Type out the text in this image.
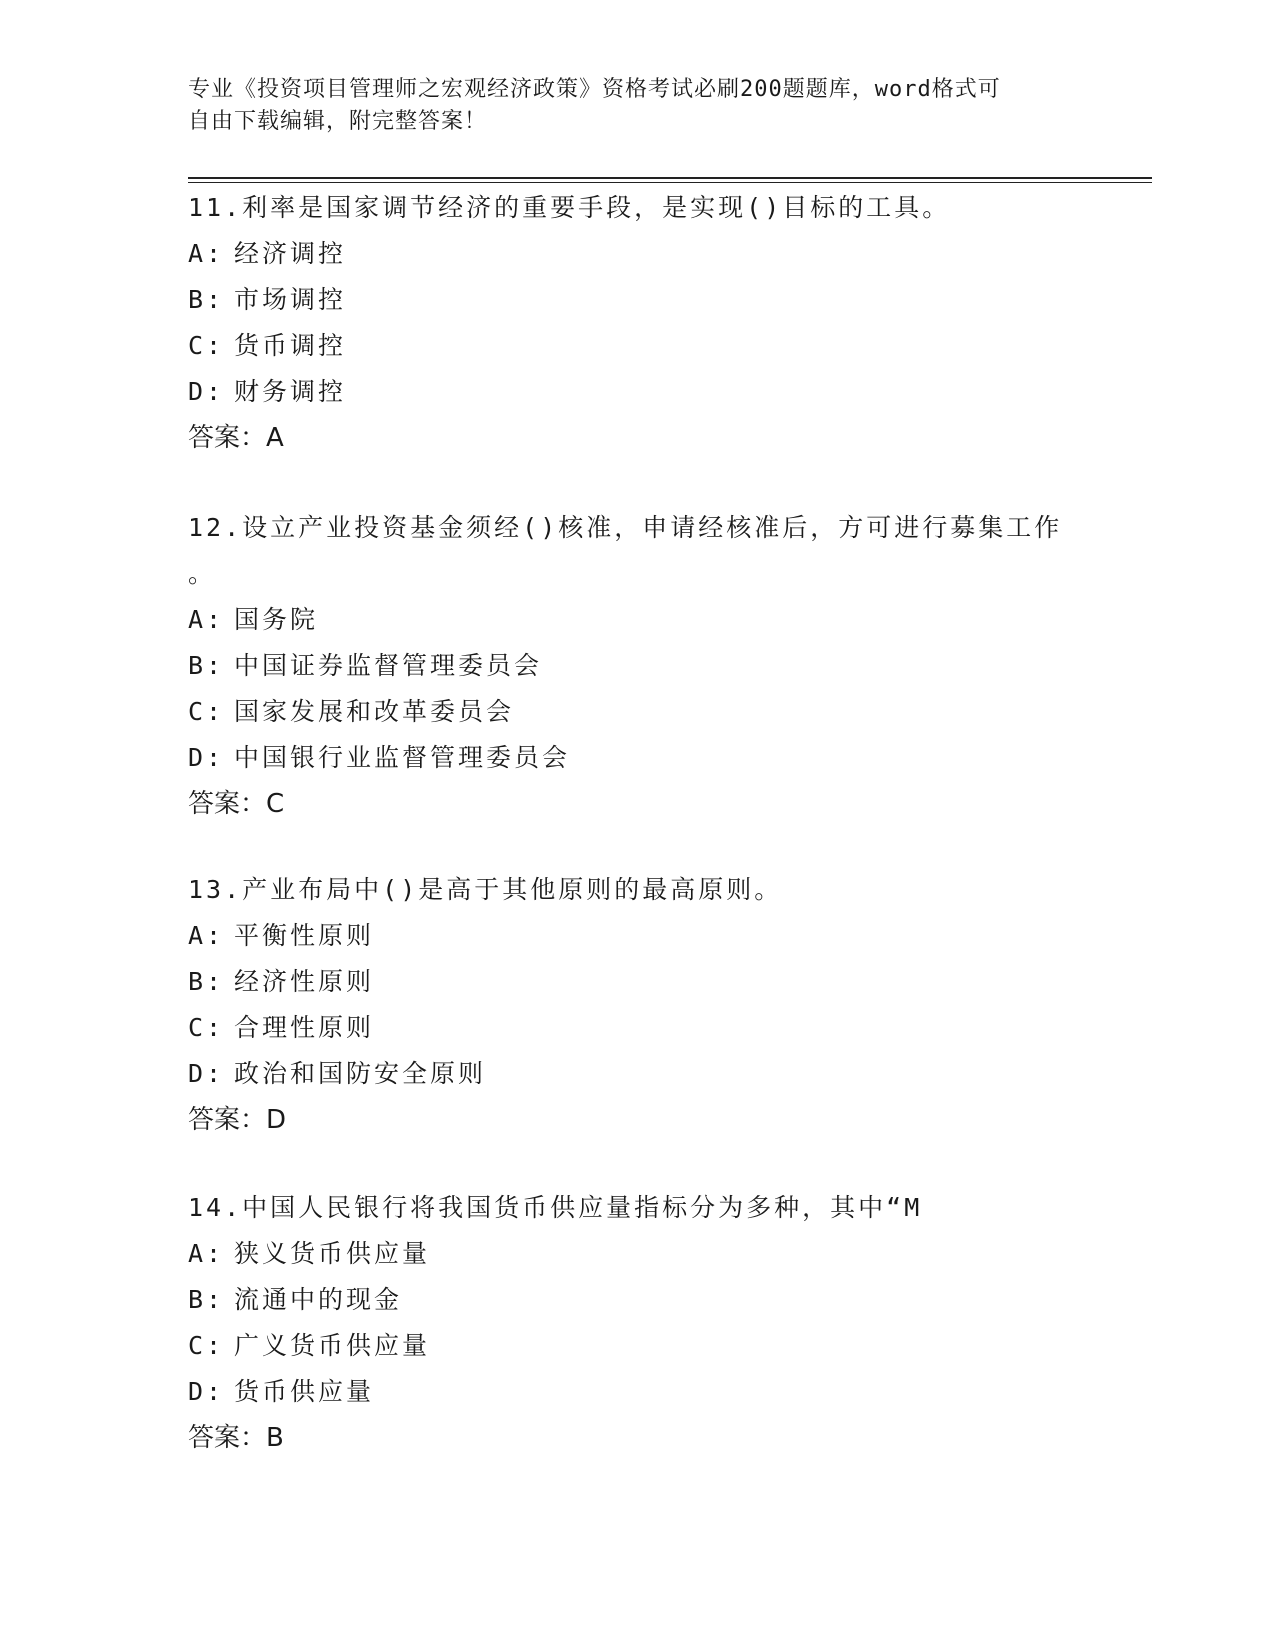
专业《投资项目管理师之宏观经济政策》资格考试必刷200题题库，word格式可
自由下载编辑，附完整答案！

11.利率是国家调节经济的重要手段，是实现()目标的工具。

A: 经济调控

B: 市场调控

C: 货币调控

D: 财务调控

答案：A

12.设立产业投资基金须经()核准，申请经核准后，方可进行募集工作

。

A: 国务院

B: 中国证券监督管理委员会

C: 国家发展和改革委员会

D: 中国银行业监督管理委员会

答案：C

13.产业布局中()是高于其他原则的最高原则。

A: 平衡性原则

B: 经济性原则

C: 合理性原则

D: 政治和国防安全原则

答案：D

14.中国人民银行将我国货币供应量指标分为多种，其中“M

A: 狭义货币供应量

B: 流通中的现金

C: 广义货币供应量

D: 货币供应量

答案：B
